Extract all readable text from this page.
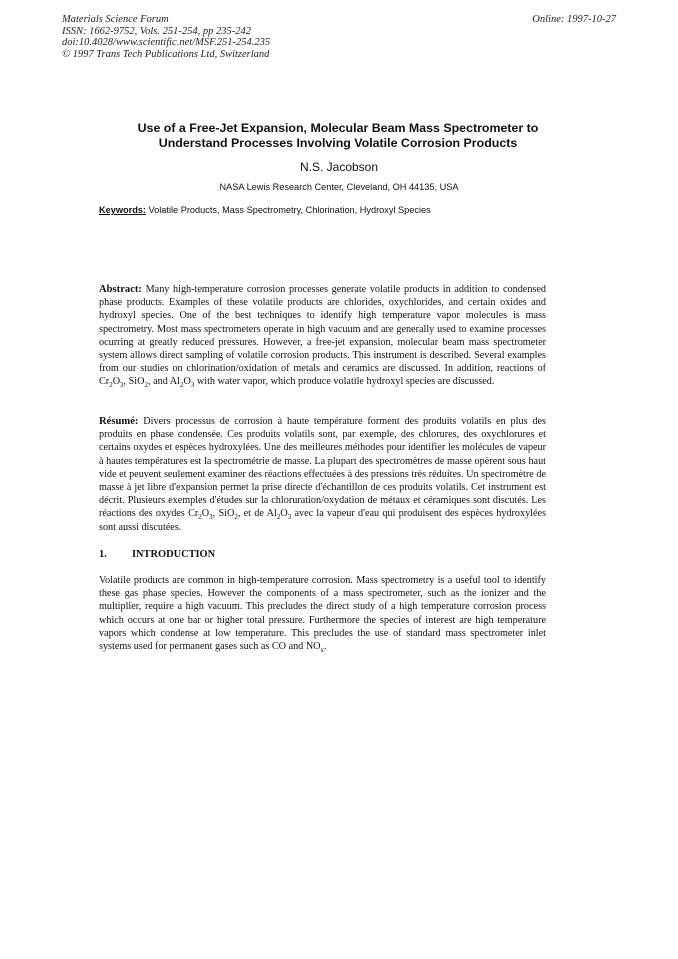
Materials Science Forum
ISSN: 1662-9752, Vols. 251-254, pp 235-242
doi:10.4028/www.scientific.net/MSF.251-254.235
© 1997 Trans Tech Publications Ltd, Switzerland
Online: 1997-10-27
Use of a Free-Jet Expansion, Molecular Beam Mass Spectrometer to
Understand Processes Involving Volatile Corrosion Products
N.S. Jacobson
NASA Lewis Research Center, Cleveland, OH 44135, USA
Keywords: Volatile Products, Mass Spectrometry, Chlorination, Hydroxyl Species
Abstract: Many high-temperature corrosion processes generate volatile products in addition to condensed phase products. Examples of these volatile products are chlorides, oxychlorides, and certain oxides and hydroxyl species. One of the best techniques to identify high temperature vapor molecules is mass spectrometry. Most mass spectrometers operate in high vacuum and are generally used to examine processes ocurring at greatly reduced pressures. However, a free-jet expansion, molecular beam mass spectrometer system allows direct sampling of volatile corrosion products. This instrument is described. Several examples from our studies on chlorination/oxidation of metals and ceramics are discussed. In addition, reactions of $Cr_2O_3$, SiO$_2$, and $Al_2O_3$ with water vapor, which produce volatile hydroxyl species are discussed.
Résumé: Divers processus de corrosion à haute température forment des produits volatils en plus des produits en phase condensée. Ces produits volatils sont, par exemple, des chlorures, des oxychlorures et certains oxydes et espèces hydroxylées. Une des meilleures méthodes pour identifier les molécules de vapeur à hautes températures est la spectrométrie de masse. La plupart des spectromètres de masse opèrent sous haut vide et peuvent seulement examiner des réactions effectuées à des pressions très réduites. Un spectromètre de masse à jet libre d'expansion permet la prise directe d'échantillon de ces produits volatils. Cet instrument est décrit. Plusieurs exemples d'études sur la chloruration/oxydation de métaux et céramiques sont discutés. Les réactions des oxydes $Cr_2O_3$, SiO$_2$, et de $Al_2O_3$ avec la vapeur d'eau qui produisent des espèces hydroxylées sont aussi discutées.
1. INTRODUCTION
Volatile products are common in high-temperature corrosion. Mass spectrometry is a useful tool to identify these gas phase species. However the components of a mass spectrometer, such as the ionizer and the multiplier, require a high vacuum. This precludes the direct study of a high temperature corrosion process which occurs at one bar or higher total pressure. Furthermore the species of interest are high temperature vapors which condense at low temperature. This precludes the use of standard mass spectrometer inlet systems used for permanent gases such as CO and $NO_x$.
